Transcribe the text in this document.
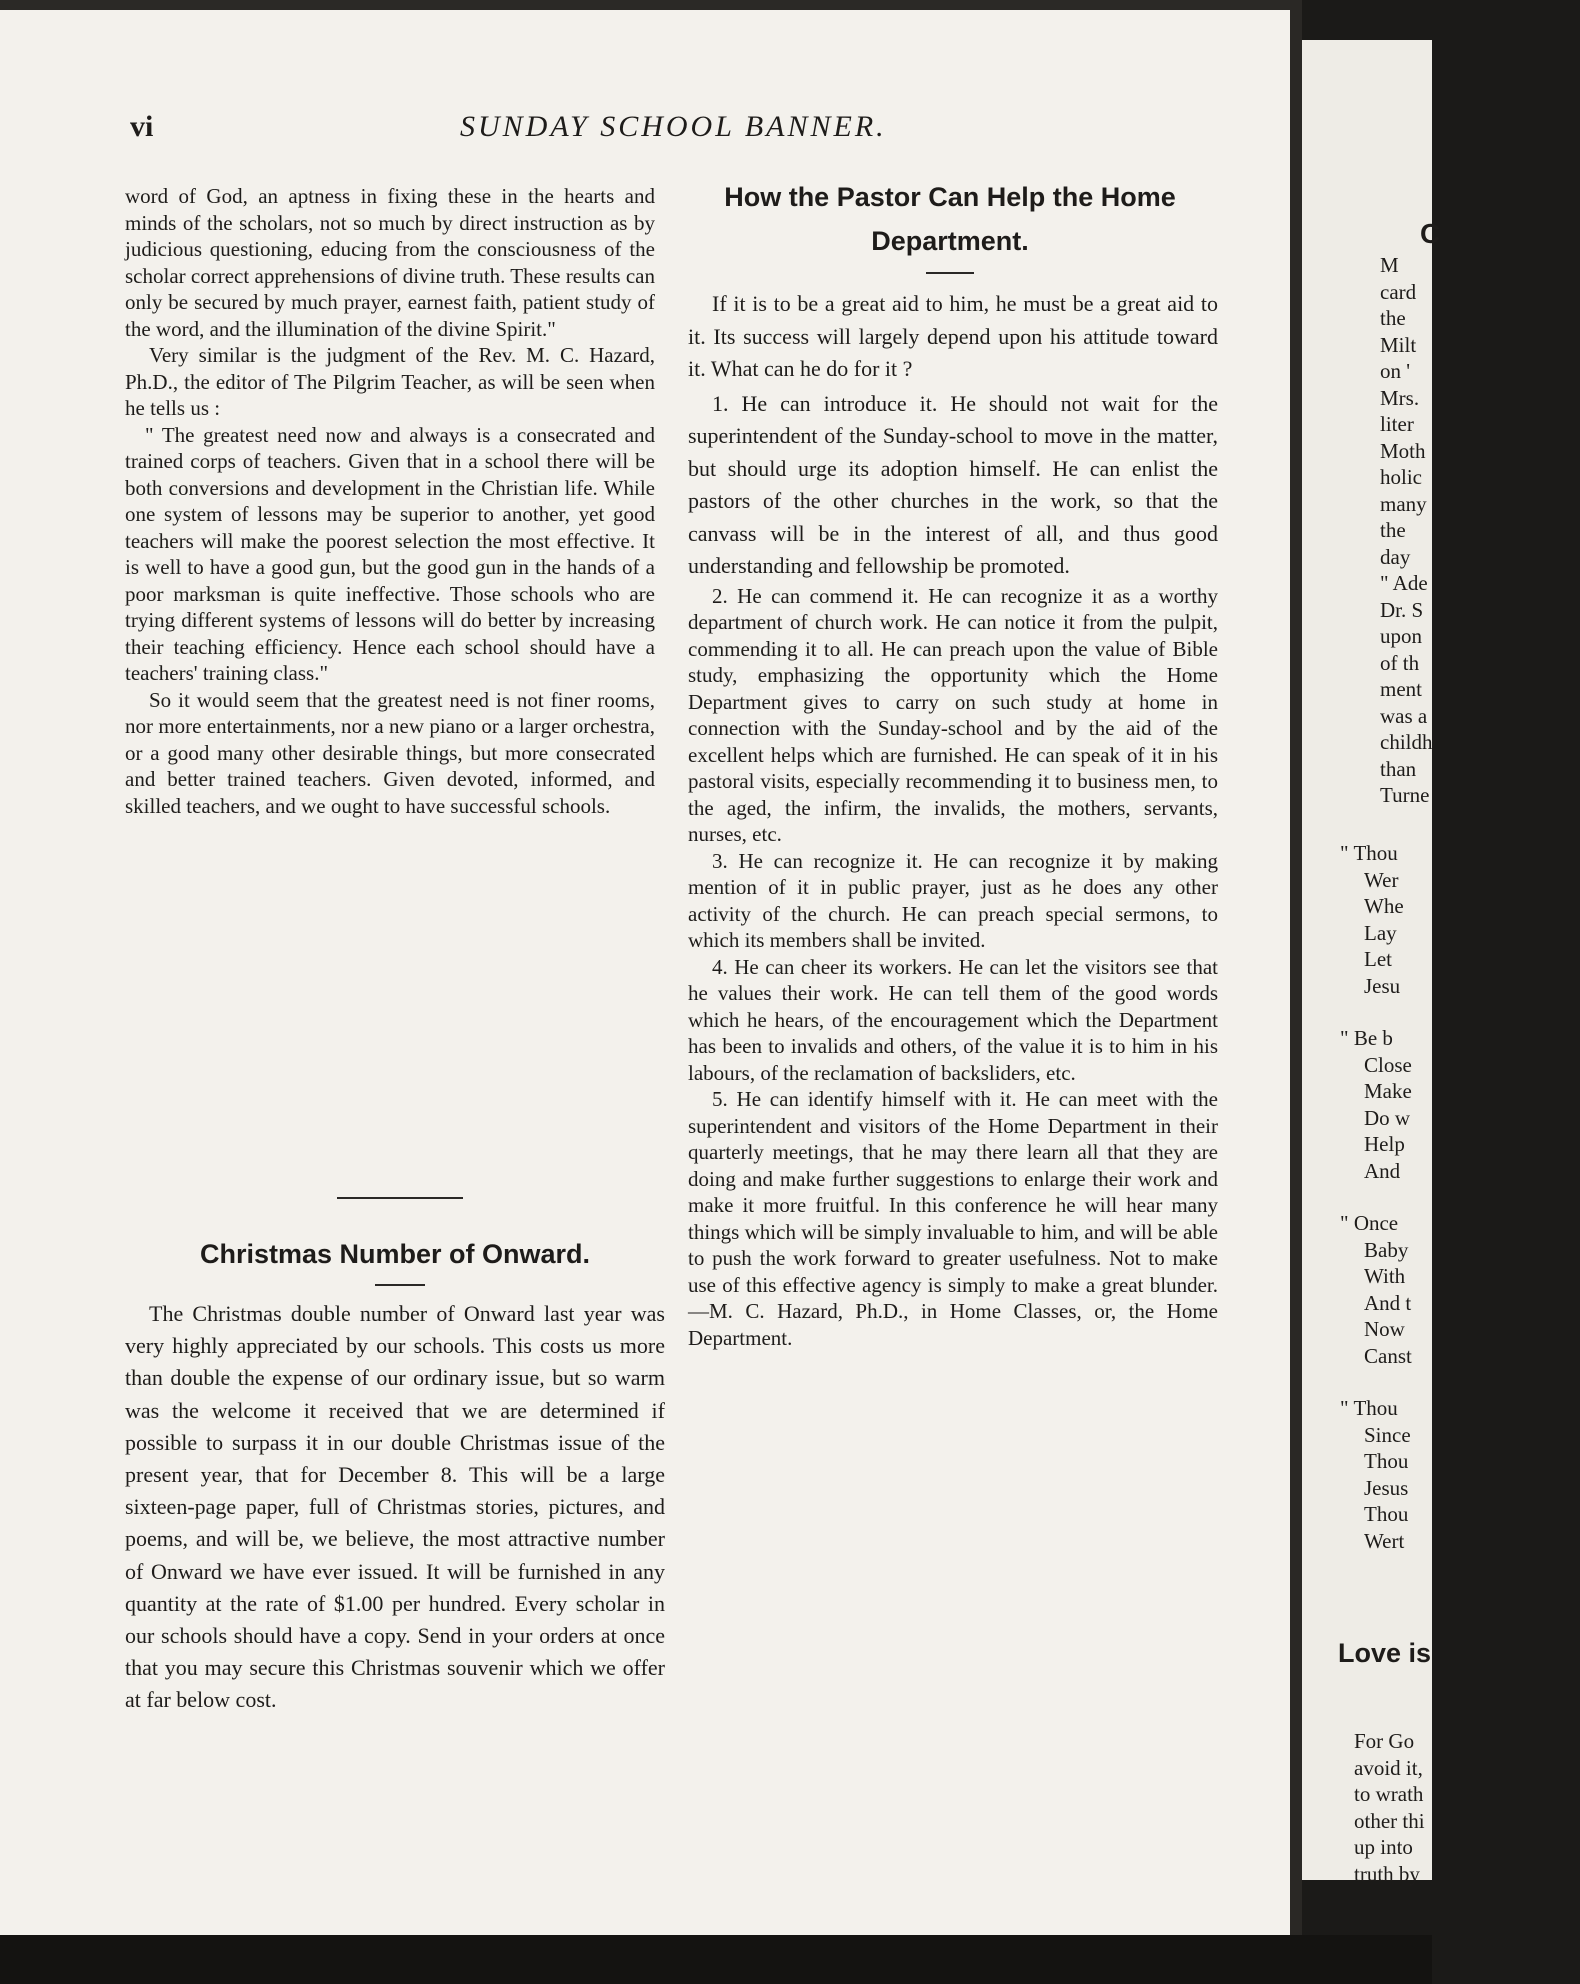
vi	SUNDAY SCHOOL BANNER.

word of God, an aptness in fixing these in the hearts and minds of the scholars, not so much by direct instruction as by judicious questioning, educing from the consciousness of the scholar correct apprehensions of divine truth. These results can only be secured by much prayer, earnest faith, patient study of the word, and the illumination of the divine Spirit."

Very similar is the judgment of the Rev. M. C. Hazard, Ph.D., the editor of The Pilgrim Teacher, as will be seen when he tells us :

" The greatest need now and always is a consecrated and trained corps of teachers. Given that in a school there will be both conversions and development in the Christian life. While one system of lessons may be superior to another, yet good teachers will make the poorest selection the most effective. It is well to have a good gun, but the good gun in the hands of a poor marksman is quite ineffective. Those schools who are trying different systems of lessons will do better by increasing their teaching efficiency. Hence each school should have a teachers' training class."

So it would seem that the greatest need is not finer rooms, nor more entertainments, nor a new piano or a larger orchestra, or a good many other desirable things, but more consecrated and better trained teachers. Given devoted, informed, and skilled teachers, and we ought to have successful schools.

Christmas Number of Onward.

The Christmas double number of Onward last year was very highly appreciated by our schools. This costs us more than double the expense of our ordinary issue, but so warm was the welcome it received that we are determined if possible to surpass it in our double Christmas issue of the present year, that for December 8. This will be a large sixteen-page paper, full of Christmas stories, pictures, and poems, and will be, we believe, the most attractive number of Onward we have ever issued. It will be furnished in any quantity at the rate of $1.00 per hundred. Every scholar in our schools should have a copy. Send in your orders at once that you may secure this Christmas souvenir which we offer at far below cost.

How the Pastor Can Help the Home
Department.

If it is to be a great aid to him, he must be a great aid to it. Its success will largely depend upon his attitude toward it. What can he do for it ?

1. He can introduce it. He should not wait for the superintendent of the Sunday-school to move in the matter, but should urge its adoption himself. He can enlist the pastors of the other churches in the work, so that the canvass will be in the interest of all, and thus good understanding and fellowship be promoted.

2. He can commend it. He can recognize it as a worthy department of church work. He can notice it from the pulpit, commending it to all. He can preach upon the value of Bible study, emphasizing the opportunity which the Home Department gives to carry on such study at home in connection with the Sunday-school and by the aid of the excellent helps which are furnished. He can speak of it in his pastoral visits, especially recommending it to business men, to the aged, the infirm, the invalids, the mothers, servants, nurses, etc.

3. He can recognize it. He can recognize it by making mention of it in public prayer, just as he does any other activity of the church. He can preach special sermons, to which its members shall be invited.

4. He can cheer its workers. He can let the visitors see that he values their work. He can tell them of the good words which he hears, of the encouragement which the Department has been to invalids and others, of the value it is to him in his labours, of the reclamation of backsliders, etc.

5. He can identify himself with it. He can meet with the superintendent and visitors of the Home Department in their quarterly meetings, that he may there learn all that they are doing and make further suggestions to enlarge their work and make it more fruitful. In this conference he will hear many things which will be simply invaluable to him, and will be able to push the work forward to greater usefulness. Not to make use of this effective agency is simply to make a great blunder.—M. C. Hazard, Ph.D., in Home Classes, or, the Home Department.

C
M
card
the
Milt
on '
Mrs.
liter
Moth
holic
many
the
day
" Ade
Dr. S
upon
of th
ment
was a
childh
than
Turne
" Thou
Wer
Whe
Lay
Let
Jesu
" Be b
Close
Make
Do w
Help
And
" Once
Baby
With
And t
Now
Canst
" Thou
Since
Thou
Jesus
Thou
Wert
Love is
For Go
avoid it,
to wrath
other thi
up into
truth by
